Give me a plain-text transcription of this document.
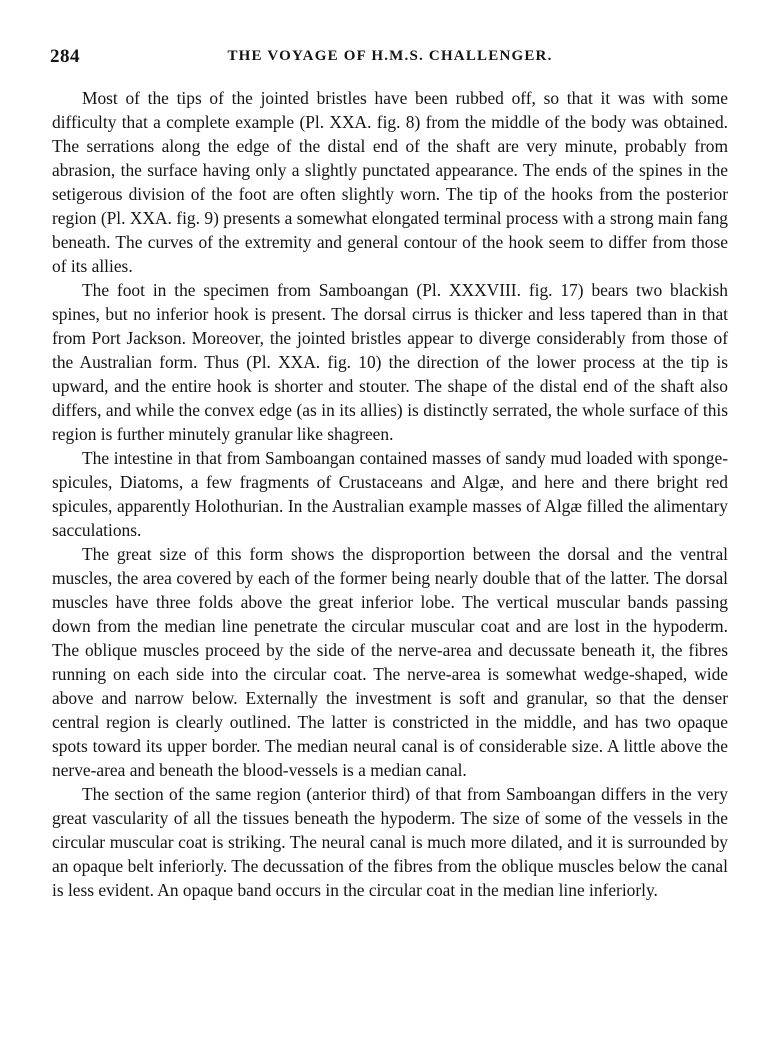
284	THE VOYAGE OF H.M.S. CHALLENGER.

Most of the tips of the jointed bristles have been rubbed off, so that it was with some difficulty that a complete example (Pl. XXA. fig. 8) from the middle of the body was obtained. The serrations along the edge of the distal end of the shaft are very minute, probably from abrasion, the surface having only a slightly punctated appearance. The ends of the spines in the setigerous division of the foot are often slightly worn. The tip of the hooks from the posterior region (Pl. XXA. fig. 9) presents a somewhat elongated terminal process with a strong main fang beneath. The curves of the extremity and general contour of the hook seem to differ from those of its allies.

The foot in the specimen from Samboangan (Pl. XXXVIII. fig. 17) bears two blackish spines, but no inferior hook is present. The dorsal cirrus is thicker and less tapered than in that from Port Jackson. Moreover, the jointed bristles appear to diverge considerably from those of the Australian form. Thus (Pl. XXA. fig. 10) the direction of the lower process at the tip is upward, and the entire hook is shorter and stouter. The shape of the distal end of the shaft also differs, and while the convex edge (as in its allies) is distinctly serrated, the whole surface of this region is further minutely granular like shagreen.

The intestine in that from Samboangan contained masses of sandy mud loaded with sponge-spicules, Diatoms, a few fragments of Crustaceans and Algæ, and here and there bright red spicules, apparently Holothurian. In the Australian example masses of Algæ filled the alimentary sacculations.

The great size of this form shows the disproportion between the dorsal and the ventral muscles, the area covered by each of the former being nearly double that of the latter. The dorsal muscles have three folds above the great inferior lobe. The vertical muscular bands passing down from the median line penetrate the circular muscular coat and are lost in the hypoderm. The oblique muscles proceed by the side of the nerve-area and decussate beneath it, the fibres running on each side into the circular coat. The nerve-area is somewhat wedge-shaped, wide above and narrow below. Externally the investment is soft and granular, so that the denser central region is clearly outlined. The latter is constricted in the middle, and has two opaque spots toward its upper border. The median neural canal is of considerable size. A little above the nerve-area and beneath the blood-vessels is a median canal.

The section of the same region (anterior third) of that from Samboangan differs in the very great vascularity of all the tissues beneath the hypoderm. The size of some of the vessels in the circular muscular coat is striking. The neural canal is much more dilated, and it is surrounded by an opaque belt inferiorly. The decussation of the fibres from the oblique muscles below the canal is less evident. An opaque band occurs in the circular coat in the median line inferiorly.
